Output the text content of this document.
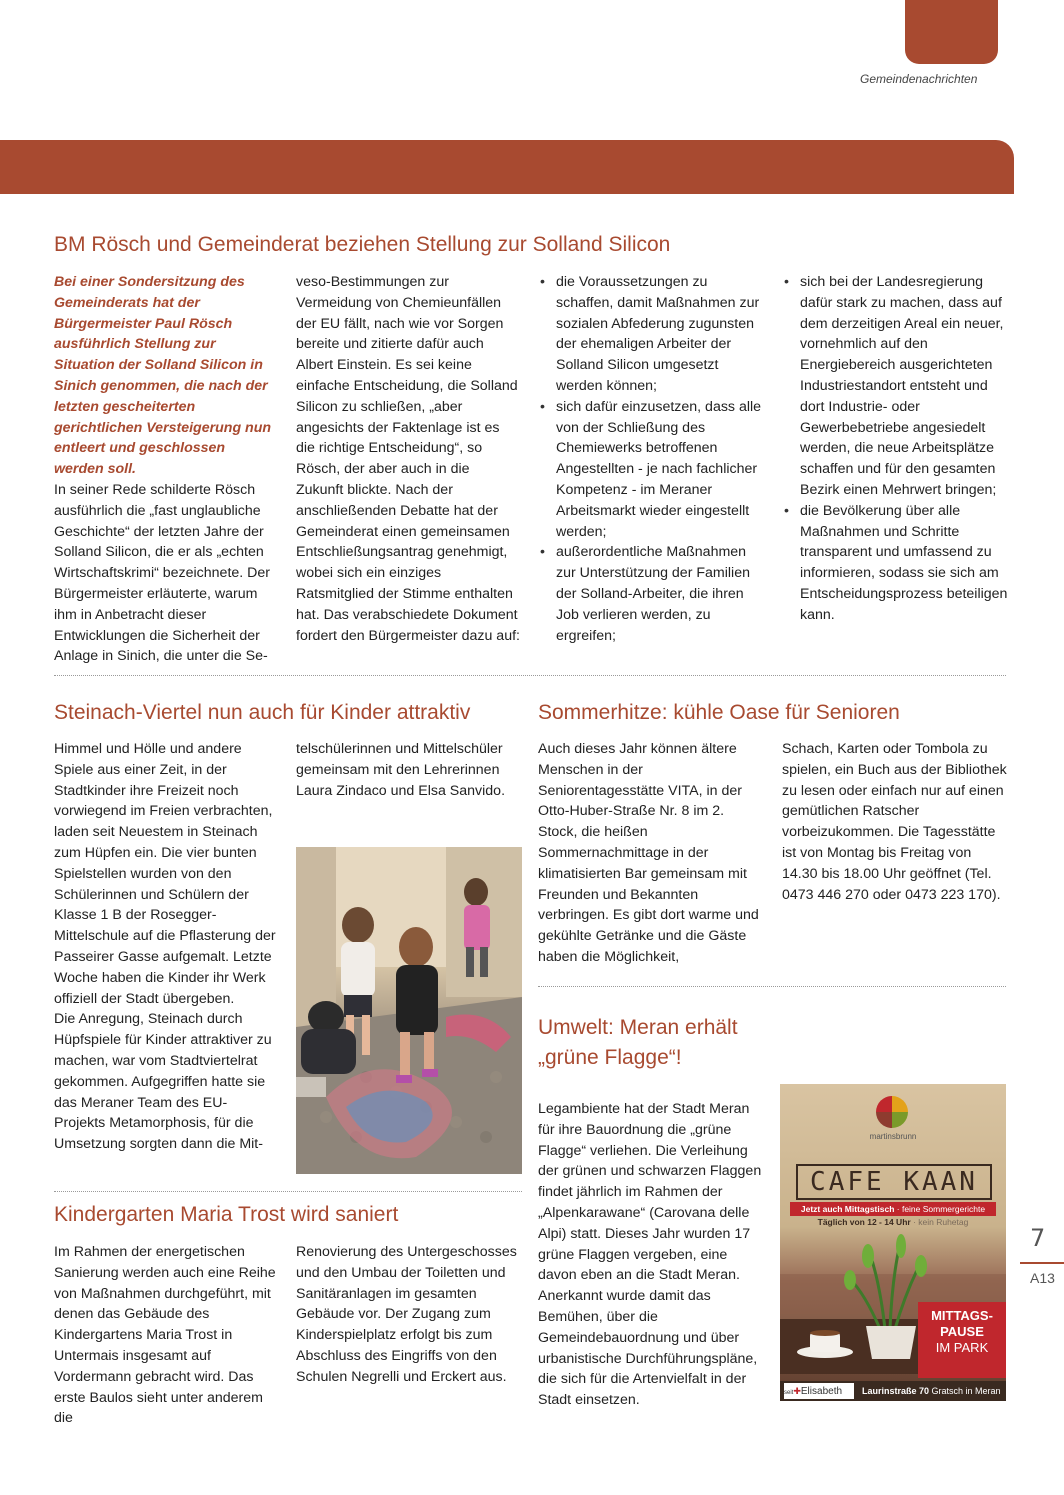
Gemeindenachrichten
BM Rösch und Gemeinderat beziehen Stellung zur Solland Silicon

Bei einer Sondersitzung des Gemeinderats hat der Bürgermeister Paul Rösch ausführlich Stellung zur Situation der Solland Silicon in Sinich genommen, die nach der letzten gescheiterten gerichtlichen Versteigerung nun entleert und geschlossen werden soll.

In seiner Rede schilderte Rösch ausführlich die „fast unglaubliche Geschichte“ der letzten Jahre der Solland Silicon, die er als „echten Wirtschaftskrimi“ bezeichnete. Der Bürgermeister erläuterte, warum ihm in Anbetracht dieser Entwicklungen die Sicherheit der Anlage in Sinich, die unter die Se-

veso-Bestimmungen zur Vermeidung von Chemieunfällen der EU fällt, nach wie vor Sorgen bereite und zitierte dafür auch Albert Einstein. Es sei keine einfache Entscheidung, die Solland Silicon zu schließen, „aber angesichts der Faktenlage ist es die richtige Entscheidung“, so Rösch, der aber auch in die Zukunft blickte. Nach der anschließenden Debatte hat der Gemeinderat einen gemeinsamen Entschließungsantrag genehmigt, wobei sich ein einziges Ratsmitglied der Stimme enthalten hat. Das verabschiedete Dokument fordert den Bürgermeister dazu auf:

• die Voraussetzungen zu schaffen, damit Maßnahmen zur sozialen Abfederung zugunsten der ehemaligen Arbeiter der Solland Silicon umgesetzt werden können;
• sich dafür einzusetzen, dass alle von der Schließung des Chemiewerks betroffenen Angestellten - je nach fachlicher Kompetenz - im Meraner Arbeitsmarkt wieder eingestellt werden;
• außerordentliche Maßnahmen zur Unterstützung der Familien der Solland-Arbeiter, die ihren Job verlieren werden, zu ergreifen;
• sich bei der Landesregierung dafür stark zu machen, dass auf dem derzeitigen Areal ein neuer, vornehmlich auf den Energiebereich ausgerichteten Industriestandort entsteht und dort Industrie- oder Gewerbebetriebe angesiedelt werden, die neue Arbeitsplätze schaffen und für den gesamten Bezirk einen Mehrwert bringen;
• die Bevölkerung über alle Maßnahmen und Schritte transparent und umfassend zu informieren, sodass sie sich am Entscheidungsprozess beteiligen kann.
Steinach-Viertel nun auch für Kinder attraktiv

Himmel und Hölle und andere Spiele aus einer Zeit, in der Stadtkinder ihre Freizeit noch vorwiegend im Freien verbrachten, laden seit Neuestem in Steinach zum Hüpfen ein. Die vier bunten Spielstellen wurden von den Schülerinnen und Schülern der Klasse 1 B der Rosegger-Mittelschule auf die Pflasterung der Passeirer Gasse aufgemalt. Letzte Woche haben die Kinder ihr Werk offiziell der Stadt übergeben.

Die Anregung, Steinach durch Hüpfspiele für Kinder attraktiver zu machen, war vom Stadtviertelrat gekommen. Aufgegriffen hatte sie das Meraner Team des EU-Projekts Metamorphosis, für die Umsetzung sorgten dann die Mit-

telschülerinnen und Mittelschüler gemeinsam mit den Lehrerinnen Laura Zindaco und Elsa Sanvido.

Sommerhitze: kühle Oase für Senioren

Auch dieses Jahr können ältere Menschen in der Seniorentagesstätte VITA, in der Otto-Huber-Straße Nr. 8 im 2. Stock, die heißen Sommernachmittage in der klimatisierten Bar gemeinsam mit Freunden und Bekannten verbringen. Es gibt dort warme und gekühlte Getränke und die Gäste haben die Möglichkeit,

Schach, Karten oder Tombola zu spielen, ein Buch aus der Bibliothek zu lesen oder einfach nur auf einen gemütlichen Ratscher vorbeizukommen. Die Tagesstätte ist von Montag bis Freitag von 14.30 bis 18.00 Uhr geöffnet (Tel. 0473 446 270 oder 0473 223 170).

Umwelt: Meran erhält „grüne Flagge“!

Legambiente hat der Stadt Meran für ihre Bauordnung die „grüne Flagge“ verliehen. Die Verleihung der grünen und schwarzen Flaggen findet jährlich im Rahmen der „Alpenkarawane“ (Carovana delle Alpi) statt. Dieses Jahr wurden 17 grüne Flaggen vergeben, eine davon eben an die Stadt Meran. Anerkannt wurde damit das Bemühen, über die Gemeindebauordnung und über urbanistische Durchführungspläne, die sich für die Artenvielfalt in der Stadt einsetzen.

Kindergarten Maria Trost wird saniert

Im Rahmen der energetischen Sanierung werden auch eine Reihe von Maßnahmen durchgeführt, mit denen das Gebäude des Kindergartens Maria Trost in Untermais insgesamt auf Vordermann gebracht wird. Das erste Baulos sieht unter anderem die

Renovierung des Untergeschosses und den Umbau der Toiletten und Sanitäranlagen im gesamten Gebäude vor. Der Zugang zum Kinderspielplatz erfolgt bis zum Abschluss des Eingriffs von den Schulen Negrelli und Erckert aus.

martinsbrunn
CAFE KAAN
Jetzt auch Mittagstisch · feine Sommergerichte
Täglich von 12 - 14 Uhr · kein Ruhetag
MITTAGS-
PAUSE
IM PARK
seit✚Elisabeth	Laurinstraße 70 Gratsch in Meran
7
A13
